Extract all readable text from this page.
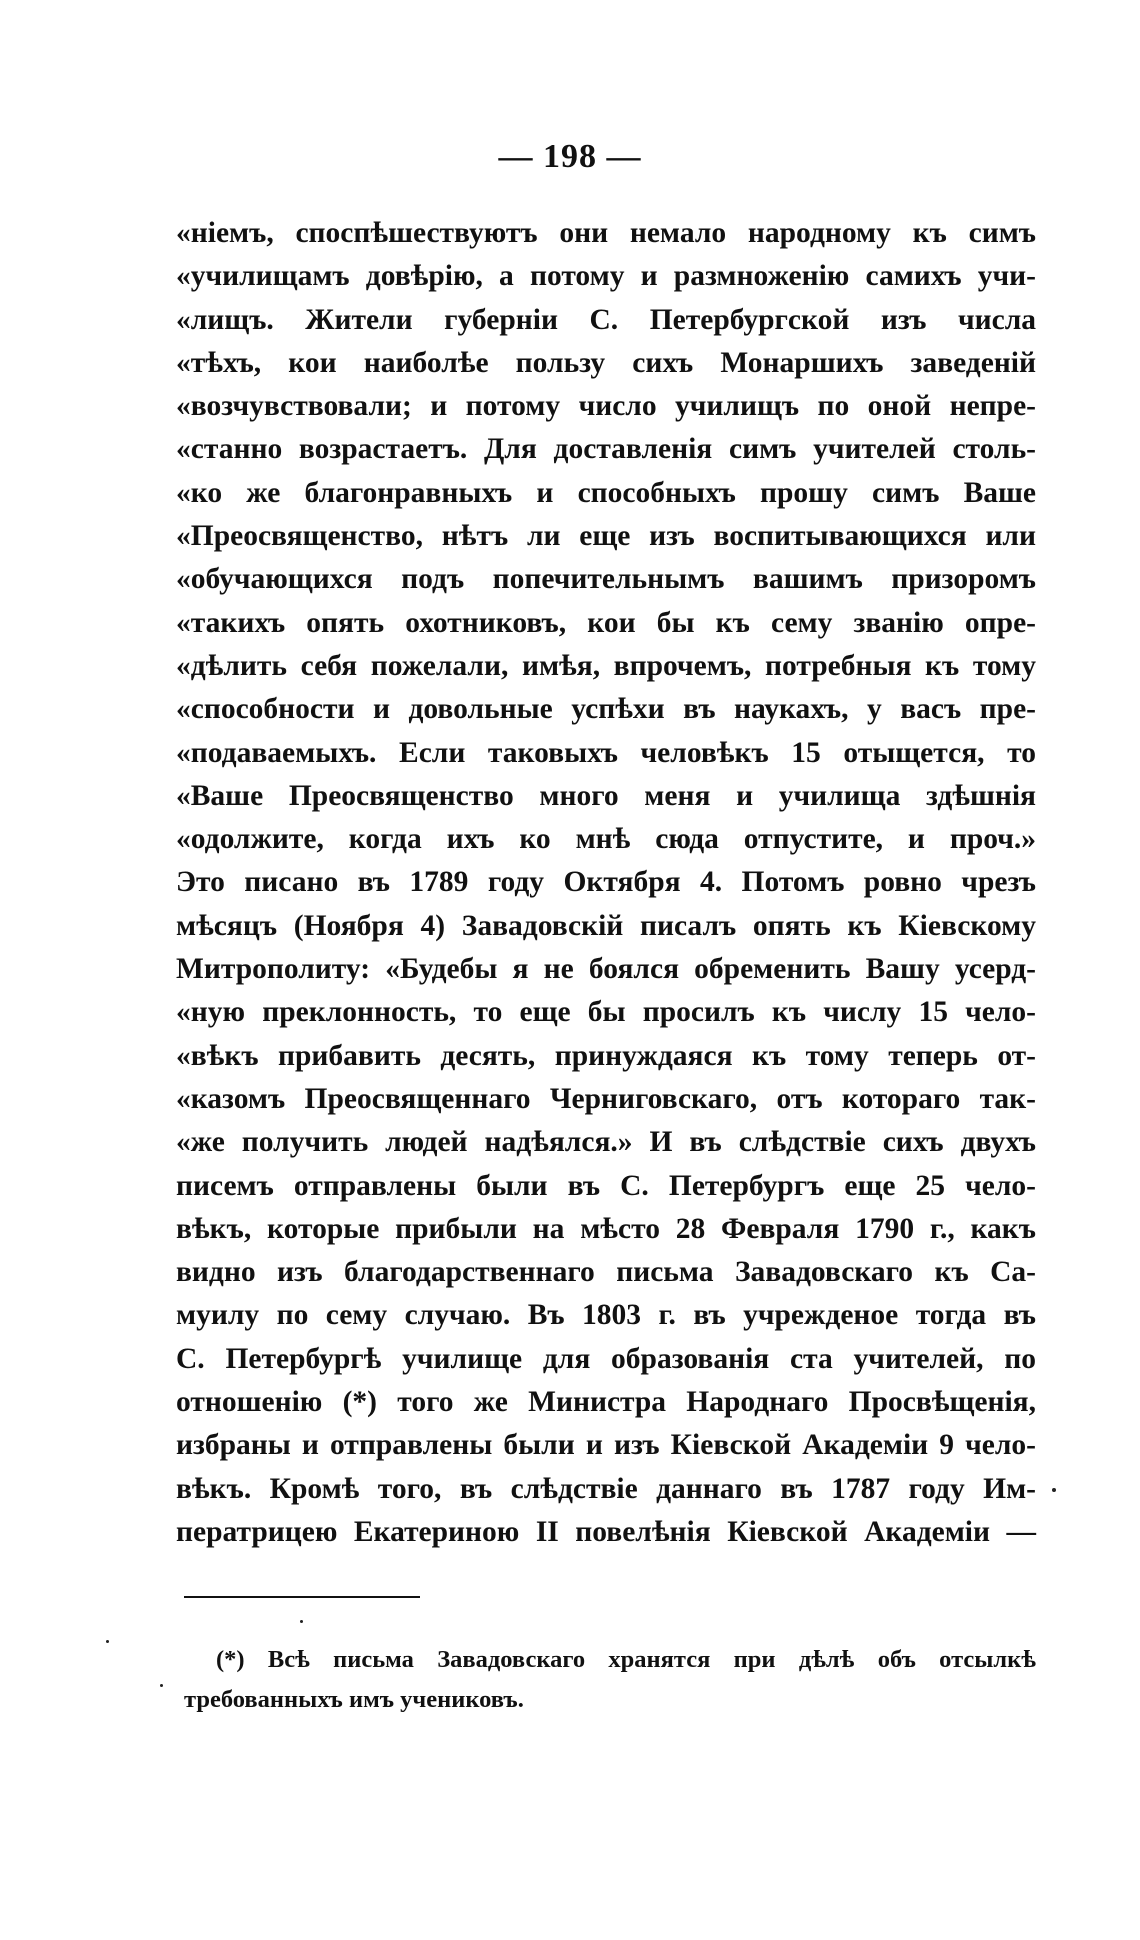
— 198 —
«нiемъ, споспѣшествуютъ они немало народному къ симъ
«училищамъ довѣрiю, а потому и размноженiю самихъ учи-
«лищъ. Жители губернiи С. Петербургской изъ числа
«тѣхъ, кои наиболѣе пользу сихъ Монаршихъ заведенiй
«возчувствовали; и потому число училищъ по оной непре-
«станно возрастаетъ. Для доставленiя симъ учителей столь-
«ко же благонравныхъ и способныхъ прошу симъ Ваше
«Преосвященство, нѣтъ ли еще изъ воспитывающихся или
«обучающихся подъ попечительнымъ вашимъ призоромъ
«такихъ опять охотниковъ, кои бы къ сему званiю опре-
«дѣлить себя пожелали, имѣя, впрочемъ, потребныя къ тому
«способности и довольные успѣхи въ наукахъ, у васъ пре-
«подаваемыхъ. Если таковыхъ человѣкъ 15 отыщется, то
«Ваше Преосвященство много меня и училища здѣшнiя
«одолжите, когда ихъ ко мнѣ сюда отпустите, и проч.»
Это писано въ 1789 году Октября 4. Потомъ ровно чрезъ
мѣсяцъ (Ноября 4) Завадовскiй писалъ опять къ Кiевскому
Митрополиту: «Будебы я не боялся обременить Вашу усерд-
«ную преклонность, то еще бы просилъ къ числу 15 чело-
«вѣкъ прибавить десять, принуждаяся къ тому теперь от-
«казомъ Преосвященнаго Черниговскаго, отъ котораго так-
«же получить людей надѣялся.» И въ слѣдствiе сихъ двухъ
писемъ отправлены были въ С. Петербургъ еще 25 чело-
вѣкъ, которые прибыли на мѣсто 28 Февраля 1790 г., какъ
видно изъ благодарственнаго письма Завадовскаго къ Са-
муилу по сему случаю. Въ 1803 г. въ учрежденое тогда въ
С. Петербургѣ училище для образованiя ста учителей, по
отношенiю (*) того же Министра Народнаго Просвѣщенiя,
избраны и отправлены были и изъ Кiевской Академiи 9 чело-
вѣкъ. Кромѣ того, въ слѣдствiе даннаго въ 1787 году Им-
ператрицею Екатериною II повелѣнiя Кiевской Академiи —
(*) Всѣ письма Завадовскаго хранятся при дѣлѣ объ отсылкѣ
требованныхъ имъ учениковъ.
